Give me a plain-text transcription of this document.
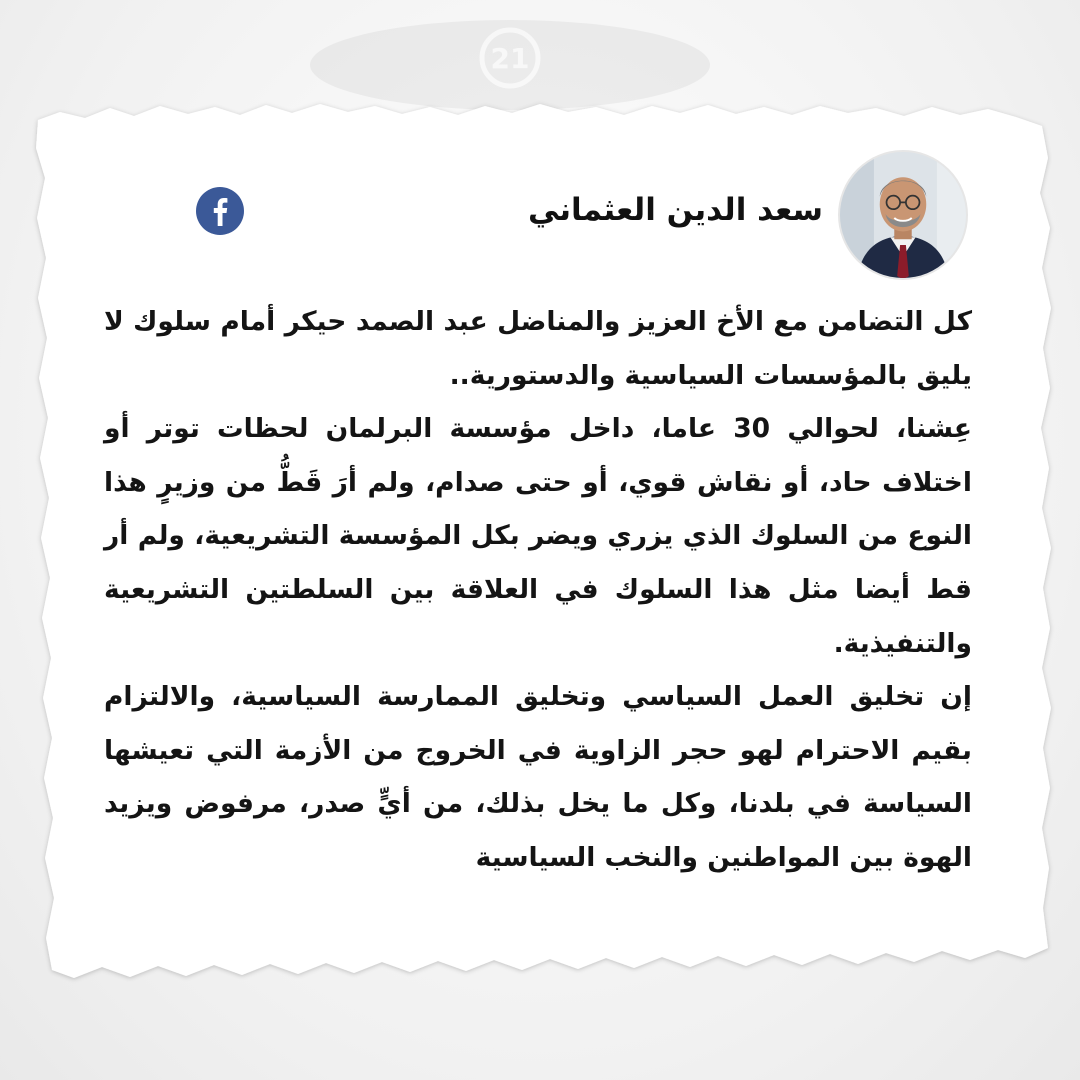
21
سعد الدين العثماني

كل التضامن مع الأخ العزيز والمناضل عبد الصمد حيكر أمام سلوك لا يليق بالمؤسسات السياسية والدستورية..

عِشنا، لحوالي 30 عاما، داخل مؤسسة البرلمان لحظات توتر أو اختلاف حاد، أو نقاش قوي، أو حتى صدام، ولم أرَ قَطُّ من وزيرٍ هذا النوع من السلوك الذي يزري ويضر بكل المؤسسة التشريعية، ولم أر قط أيضا مثل هذا السلوك في العلاقة بين السلطتين التشريعية والتنفيذية.

إن تخليق العمل السياسي وتخليق الممارسة السياسية، والالتزام بقيم الاحترام لهو حجر الزاوية في الخروج من الأزمة التي تعيشها السياسة في بلدنا، وكل ما يخل بذلك، من أيٍّ صدر، مرفوض ويزيد الهوة بين المواطنين والنخب السياسية
